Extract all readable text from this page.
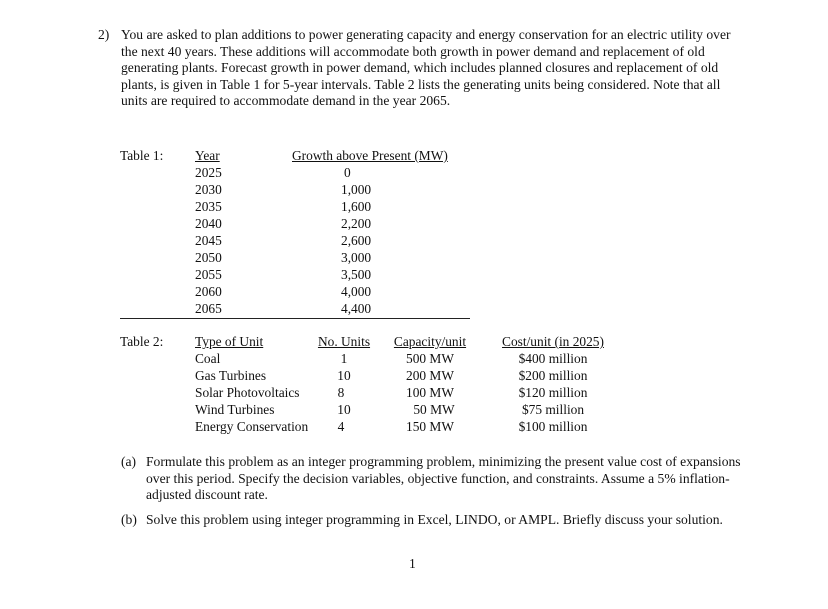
2) You are asked to plan additions to power generating capacity and energy conservation for an electric utility over the next 40 years. These additions will accommodate both growth in power demand and replacement of old generating plants. Forecast growth in power demand, which includes planned closures and replacement of old plants, is given in Table 1 for 5-year intervals. Table 2 lists the generating units being considered. Note that all units are required to accommodate demand in the year 2065.
Table 1: Year
2025
2030
2035
2040
2045
2050
2055
2060
2065
Growth above Present (MW)
0
1,000
1,600
2,200
2,600
3,000
3,500
4,000
4,400
Table 2: Type of Unit
Coal
Gas Turbines
Solar Photovoltaics
Wind Turbines
Energy Conservation
No. Units
1
10
8
10
4
Capacity/unit
500 MW
200 MW
100 MW
50 MW
150 MW
Cost/unit (in 2025)
$400 million
$200 million
$120 million
$75 million
$100 million
(a) Formulate this problem as an integer programming problem, minimizing the present value cost of expansions over this period. Specify the decision variables, objective function, and constraints. Assume a 5% inflation-adjusted discount rate.
(b) Solve this problem using integer programming in Excel, LINDO, or AMPL. Briefly discuss your solution.
1
